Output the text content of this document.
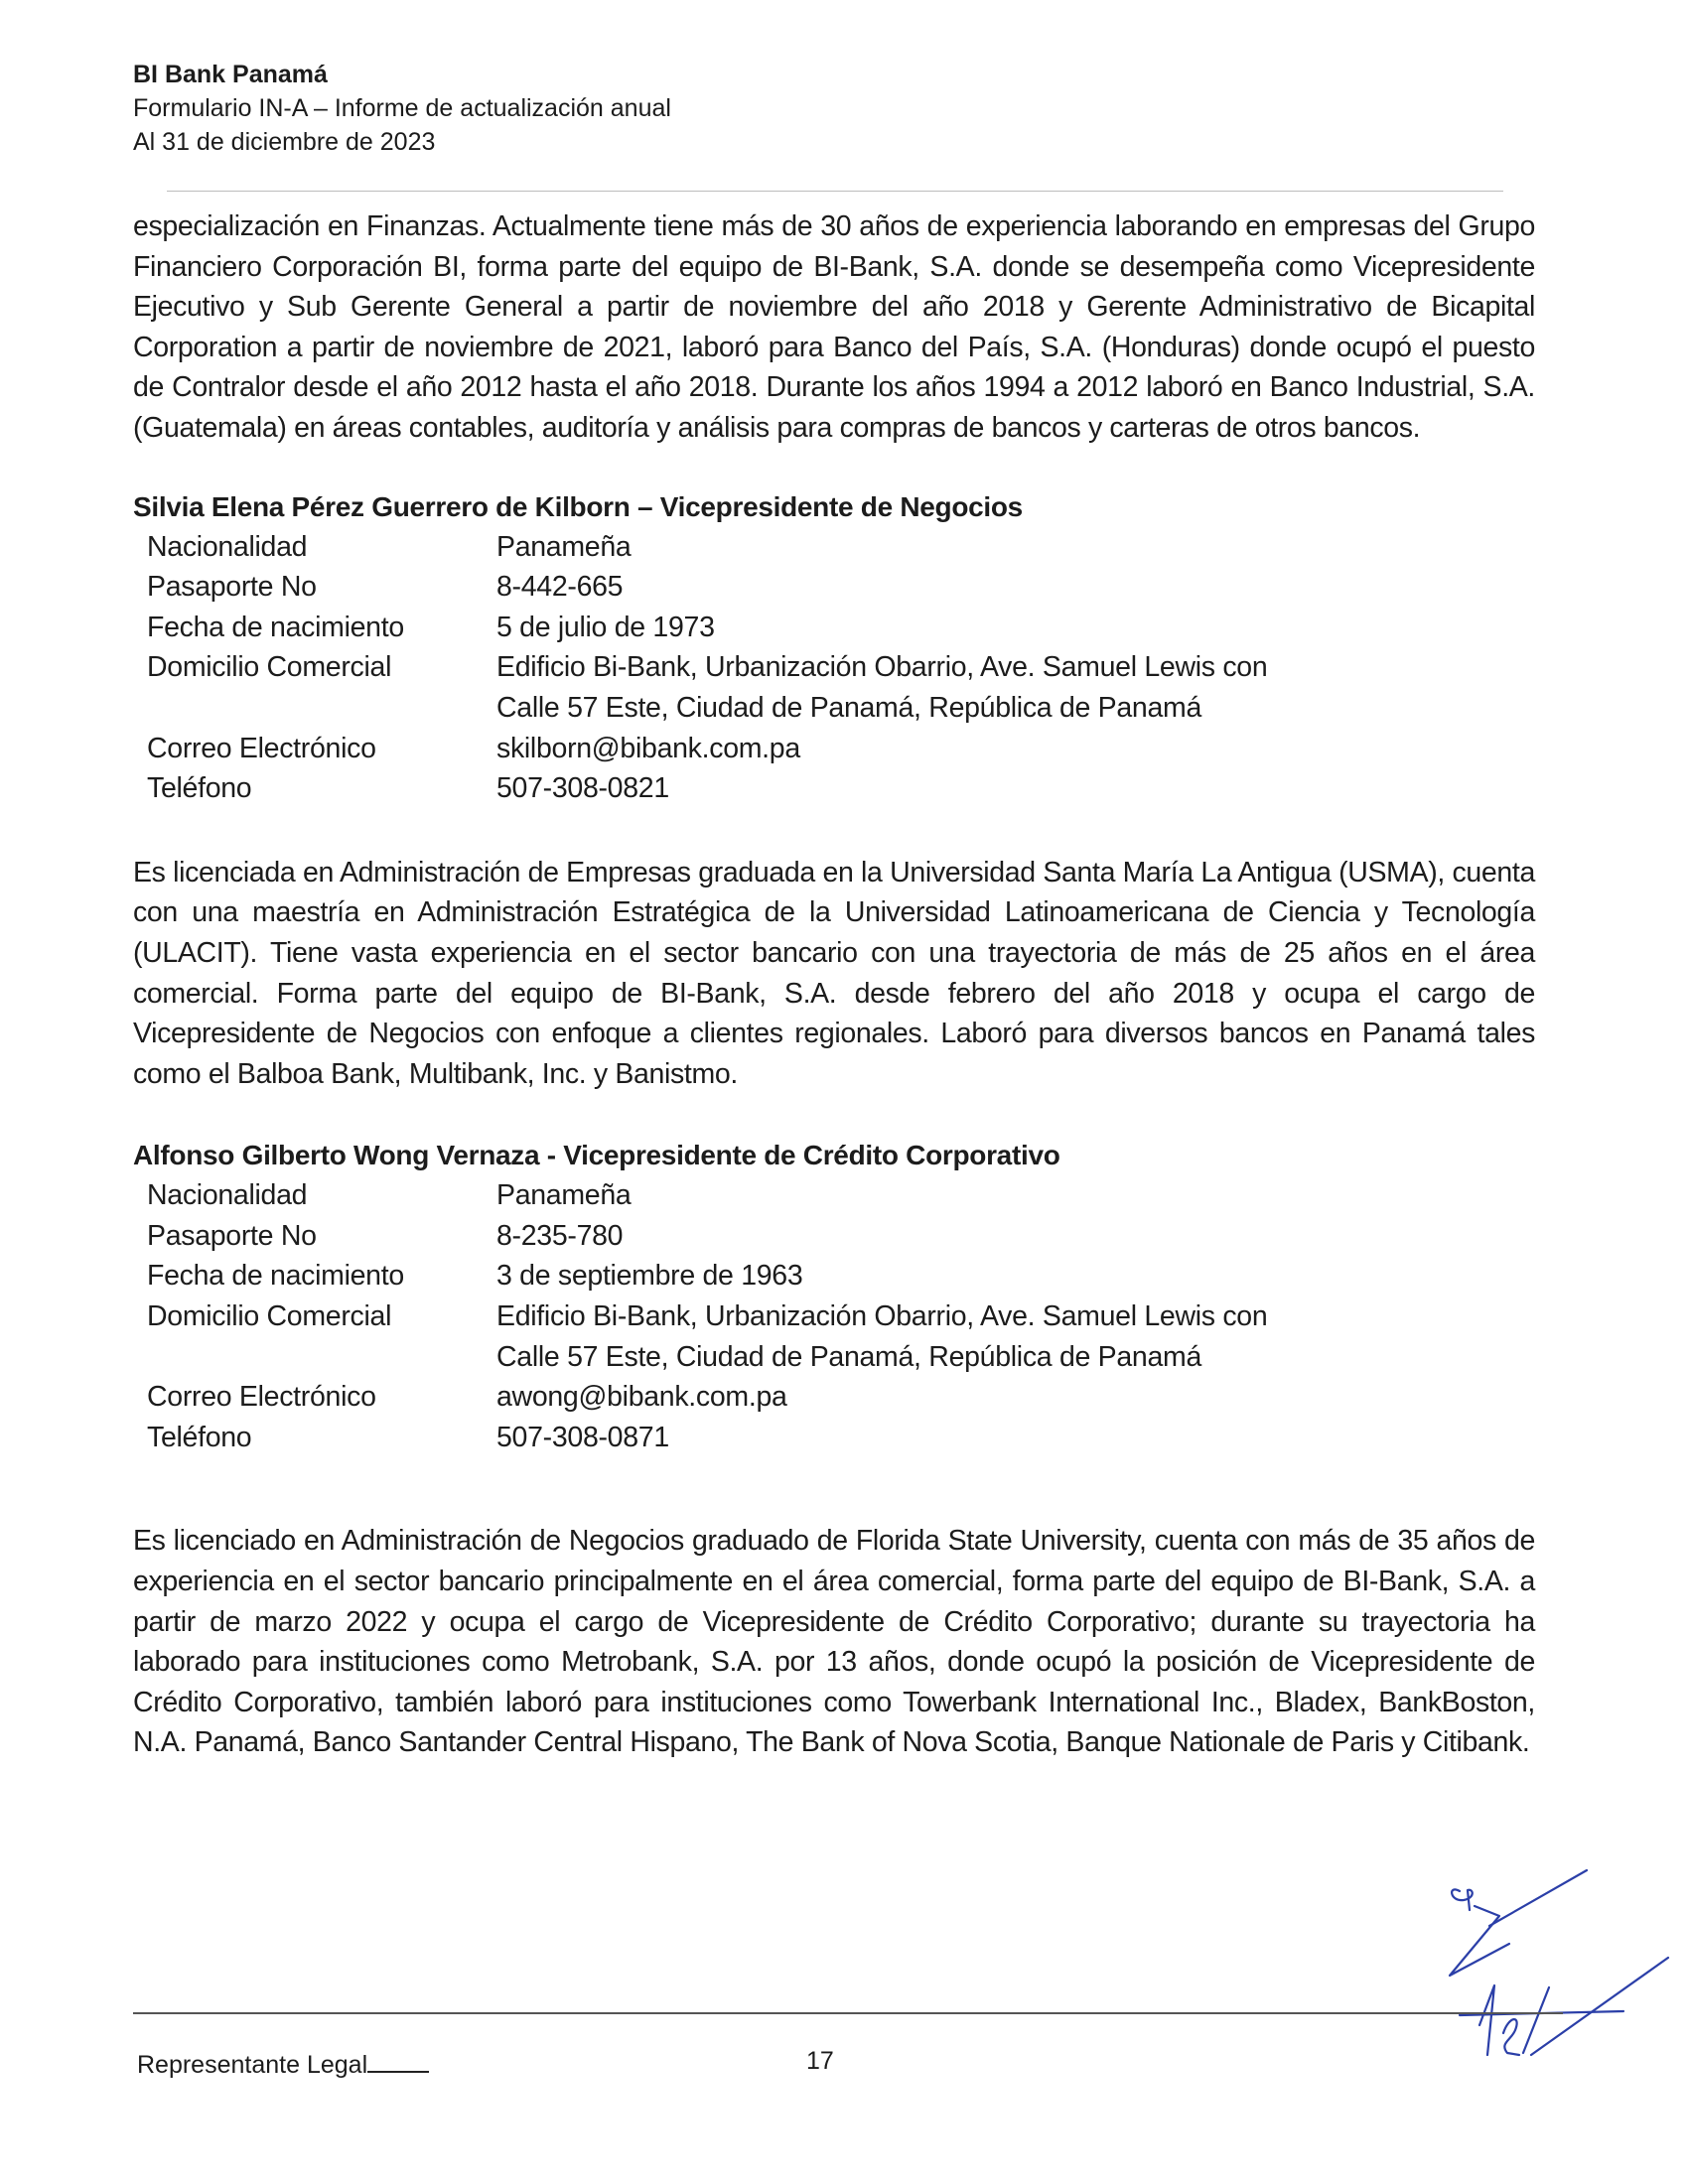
BI Bank Panamá
Formulario IN-A – Informe de actualización anual
Al 31 de diciembre de 2023

especialización en Finanzas. Actualmente tiene más de 30 años de experiencia laborando en empresas del Grupo Financiero Corporación BI, forma parte del equipo de BI-Bank, S.A. donde se desempeña como Vicepresidente Ejecutivo y Sub Gerente General a partir de noviembre del año 2018 y Gerente Administrativo de Bicapital Corporation a partir de noviembre de 2021, laboró para Banco del País, S.A. (Honduras) donde ocupó el puesto de Contralor desde el año 2012 hasta el año 2018. Durante los años 1994 a 2012 laboró en Banco Industrial, S.A. (Guatemala) en áreas contables, auditoría y análisis para compras de bancos y carteras de otros bancos.

Silvia Elena Pérez Guerrero de Kilborn – Vicepresidente de Negocios

Nacionalidad	Panameña
Pasaporte No	8-442-665
Fecha de nacimiento	5 de julio de 1973
Domicilio Comercial	Edificio Bi-Bank, Urbanización Obarrio, Ave. Samuel Lewis con
Calle 57 Este, Ciudad de Panamá, República de Panamá

Correo Electrónico	skilborn@bibank.com.pa
Teléfono	507-308-0821

Es licenciada en Administración de Empresas graduada en la Universidad Santa María La Antigua (USMA), cuenta con una maestría en Administración Estratégica de la Universidad Latinoamericana de Ciencia y Tecnología (ULACIT). Tiene vasta experiencia en el sector bancario con una trayectoria de más de 25 años en el área comercial. Forma parte del equipo de BI-Bank, S.A. desde febrero del año 2018 y ocupa el cargo de Vicepresidente de Negocios con enfoque a clientes regionales. Laboró para diversos bancos en Panamá tales como el Balboa Bank, Multibank, Inc. y Banistmo.

Alfonso Gilberto Wong Vernaza - Vicepresidente de Crédito Corporativo

Nacionalidad	Panameña
Pasaporte No	8-235-780
Fecha de nacimiento	3 de septiembre de 1963
Domicilio Comercial	Edificio Bi-Bank, Urbanización Obarrio, Ave. Samuel Lewis con
Calle 57 Este, Ciudad de Panamá, República de Panamá

Correo Electrónico	awong@bibank.com.pa
Teléfono	507-308-0871

Es licenciado en Administración de Negocios graduado de Florida State University, cuenta con más de 35 años de experiencia en el sector bancario principalmente en el área comercial, forma parte del equipo de BI-Bank, S.A. a partir de marzo 2022 y ocupa el cargo de Vicepresidente de Crédito Corporativo; durante su trayectoria ha laborado para instituciones como Metrobank, S.A. por 13 años, donde ocupó la posición de Vicepresidente de Crédito Corporativo, también laboró para instituciones como Towerbank International Inc., Bladex, BankBoston, N.A. Panamá, Banco Santander Central Hispano, The Bank of Nova Scotia, Banque Nationale de Paris y Citibank.

Representante Legal	17
